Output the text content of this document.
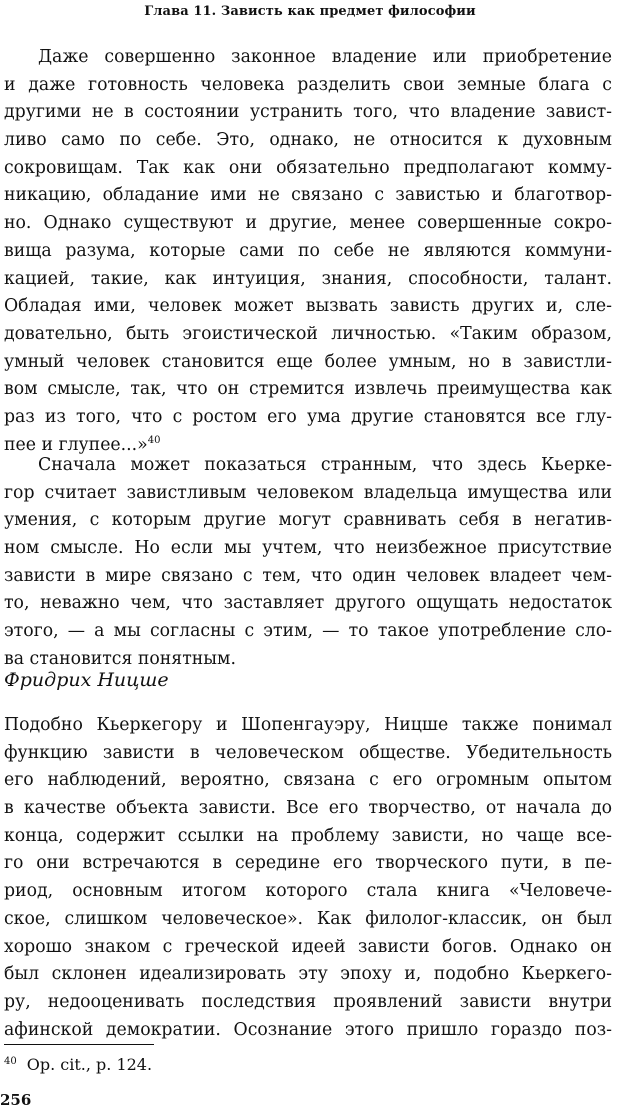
Глава 11. Зависть как предмет философии
Даже совершенно законное владение или приобретение
и даже готовность человека разделить свои земные блага с
другими не в состоянии устранить того, что владение завист-
ливо само по себе. Это, однако, не относится к духовным
сокровищам. Так как они обязательно предполагают комму-
никацию, обладание ими не связано с завистью и благотвор-
но. Однако существуют и другие, менее совершенные сокро-
вища разума, которые сами по себе не являются коммуни-
кацией, такие, как интуиция, знания, способности, талант.
Обладая ими, человек может вызвать зависть других и, сле-
довательно, быть эгоистической личностью. «Таким образом,
умный человек становится еще более умным, но в завистли-
вом смысле, так, что он стремится извлечь преимущества как
раз из того, что с ростом его ума другие становятся все глу-
пее и глупее...»$^{40}$
Сначала может показаться странным, что здесь Кьерке-
гор считает завистливым человеком владельца имущества или
умения, с которым другие могут сравнивать себя в негатив-
ном смысле. Но если мы учтем, что неизбежное присутствие
зависти в мире связано с тем, что один человек владеет чем-
то, неважно чем, что заставляет другого ощущать недостаток
этого, — а мы согласны с этим, — то такое употребление сло-
ва становится понятным.
Фридрих Ницше
Подобно Кьеркегору и Шопенгауэру, Ницше также понимал
функцию зависти в человеческом обществе. Убедительность
его наблюдений, вероятно, связана с его огромным опытом
в качестве объекта зависти. Все его творчество, от начала до
конца, содержит ссылки на проблему зависти, но чаще все-
го они встречаются в середине его творческого пути, в пе-
риод, основным итогом которого стала книга «Человече-
ское, слишком человеческое». Как филолог-классик, он был
хорошо знаком с греческой идеей зависти богов. Однако он
был склонен идеализировать эту эпоху и, подобно Кьеркего-
ру, недооценивать последствия проявлений зависти внутри
афинской демократии. Осознание этого пришло гораздо поз-
$^{40}$ Op. cit., p. 124.
256
